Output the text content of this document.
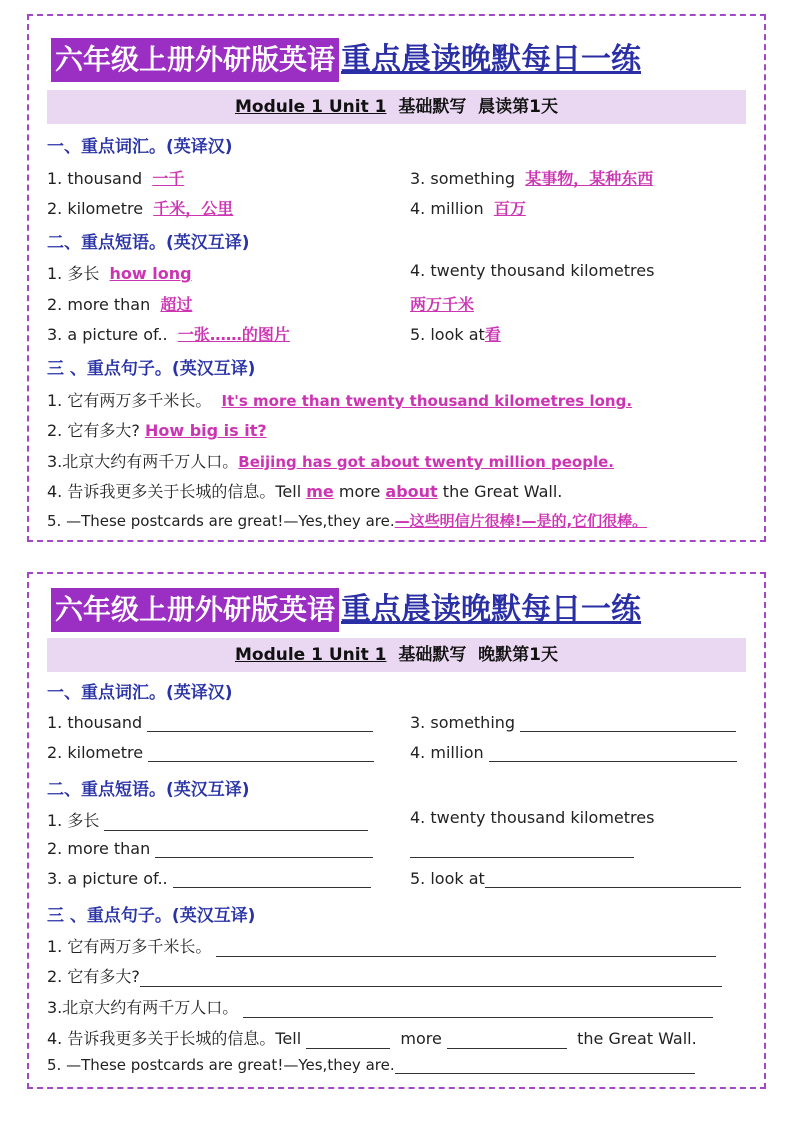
六年级上册外研版英语 重点晨读晚默每日一练
Module 1 Unit 1 基础默写 晨读第1天
一、重点词汇。(英译汉)
1. thousand 一千	3. something 某事物，某种东西
2. kilometre 千米，公里	4. million 百万
二、重点短语。(英汉互译)
1. 多长 how long	4. twenty thousand kilometres
2. more than 超过	两万千米
3. a picture of.. 一张……的图片	5. look at看
三 、重点句子。(英汉互译)
1. 它有两万多千米长。 It's more than twenty thousand kilometres long.
2. 它有多大? How big is it?
3.北京大约有两千万人口。Beijing has got about twenty million people.
4. 告诉我更多关于长城的信息。Tell me more about the Great Wall.
5. —These postcards are great!—Yes,they are.—这些明信片很棒!—是的,它们很棒。
六年级上册外研版英语 重点晨读晚默每日一练
Module 1 Unit 1 基础默写 晚默第1天
一、重点词汇。(英译汉)
1. thousand	3. something
2. kilometre	4. million
二、重点短语。(英汉互译)
1. 多长	4. twenty thousand kilometres
2. more than
3. a picture of..	5. look at
三 、重点句子。(英汉互译)
1. 它有两万多千米长。
2. 它有多大?
3.北京大约有两千万人口。
4. 告诉我更多关于长城的信息。Tell	more	the Great Wall.
5. —These postcards are great!—Yes,they are.
